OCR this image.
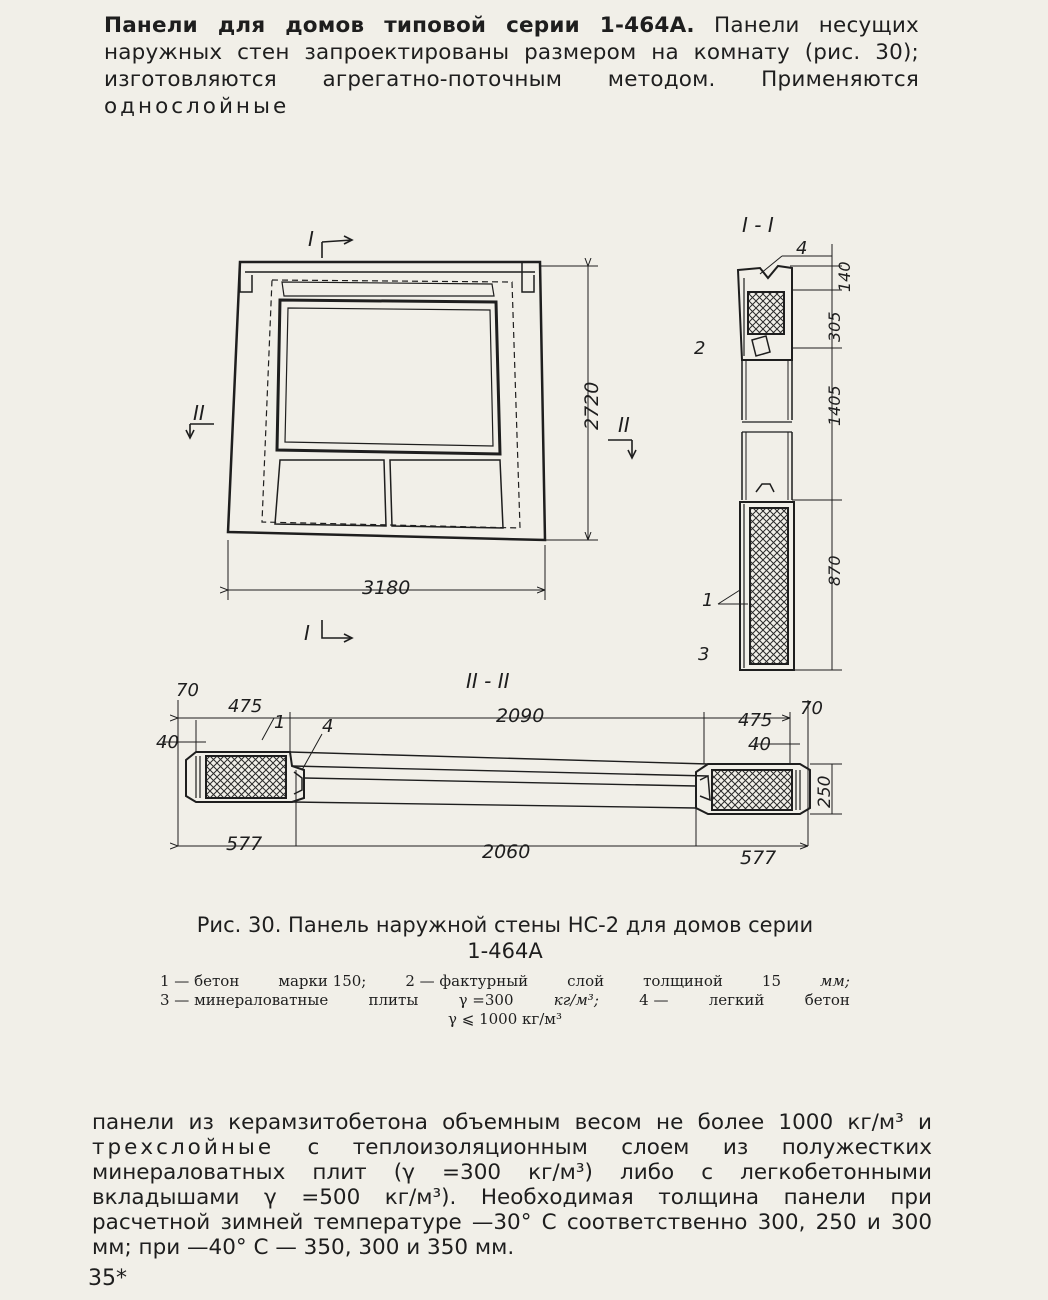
Панели для домов типовой серии 1-464А. Панели несущих наружных стен запроектированы размером на комнату (рис. 30); изготовляются агрегатно-поточным методом. Применяются однослойные
3180
2720
I
I
II	II
I - I
140
305
1405
870
4
2
1
3
II - II
70
475	2090	475
70
40	40
1 4
250
577	2060	577
Рис. 30. Панель наружной стены НС-2 для домов серии
1-464А
1 — бетон	марки 150;	2 — фактурный	слой	толщиной	15	мм;
3 — минераловатные	плиты	γ =300	кг/м³;	4 —	легкий	бетон
γ ⩽ 1000 кг/м³
панели из керамзитобетона объемным весом не более 1000 кг/м³ и трехслойные с теплоизоляционным слоем из полужестких минераловатных плит (γ =300 кг/м³) либо с легкобетонными вкладышами γ =500 кг/м³). Необходимая толщина панели при расчетной зимней температуре —30° С соответственно 300, 250 и 300 мм; при —40° С — 350, 300 и 350 мм.
35*
